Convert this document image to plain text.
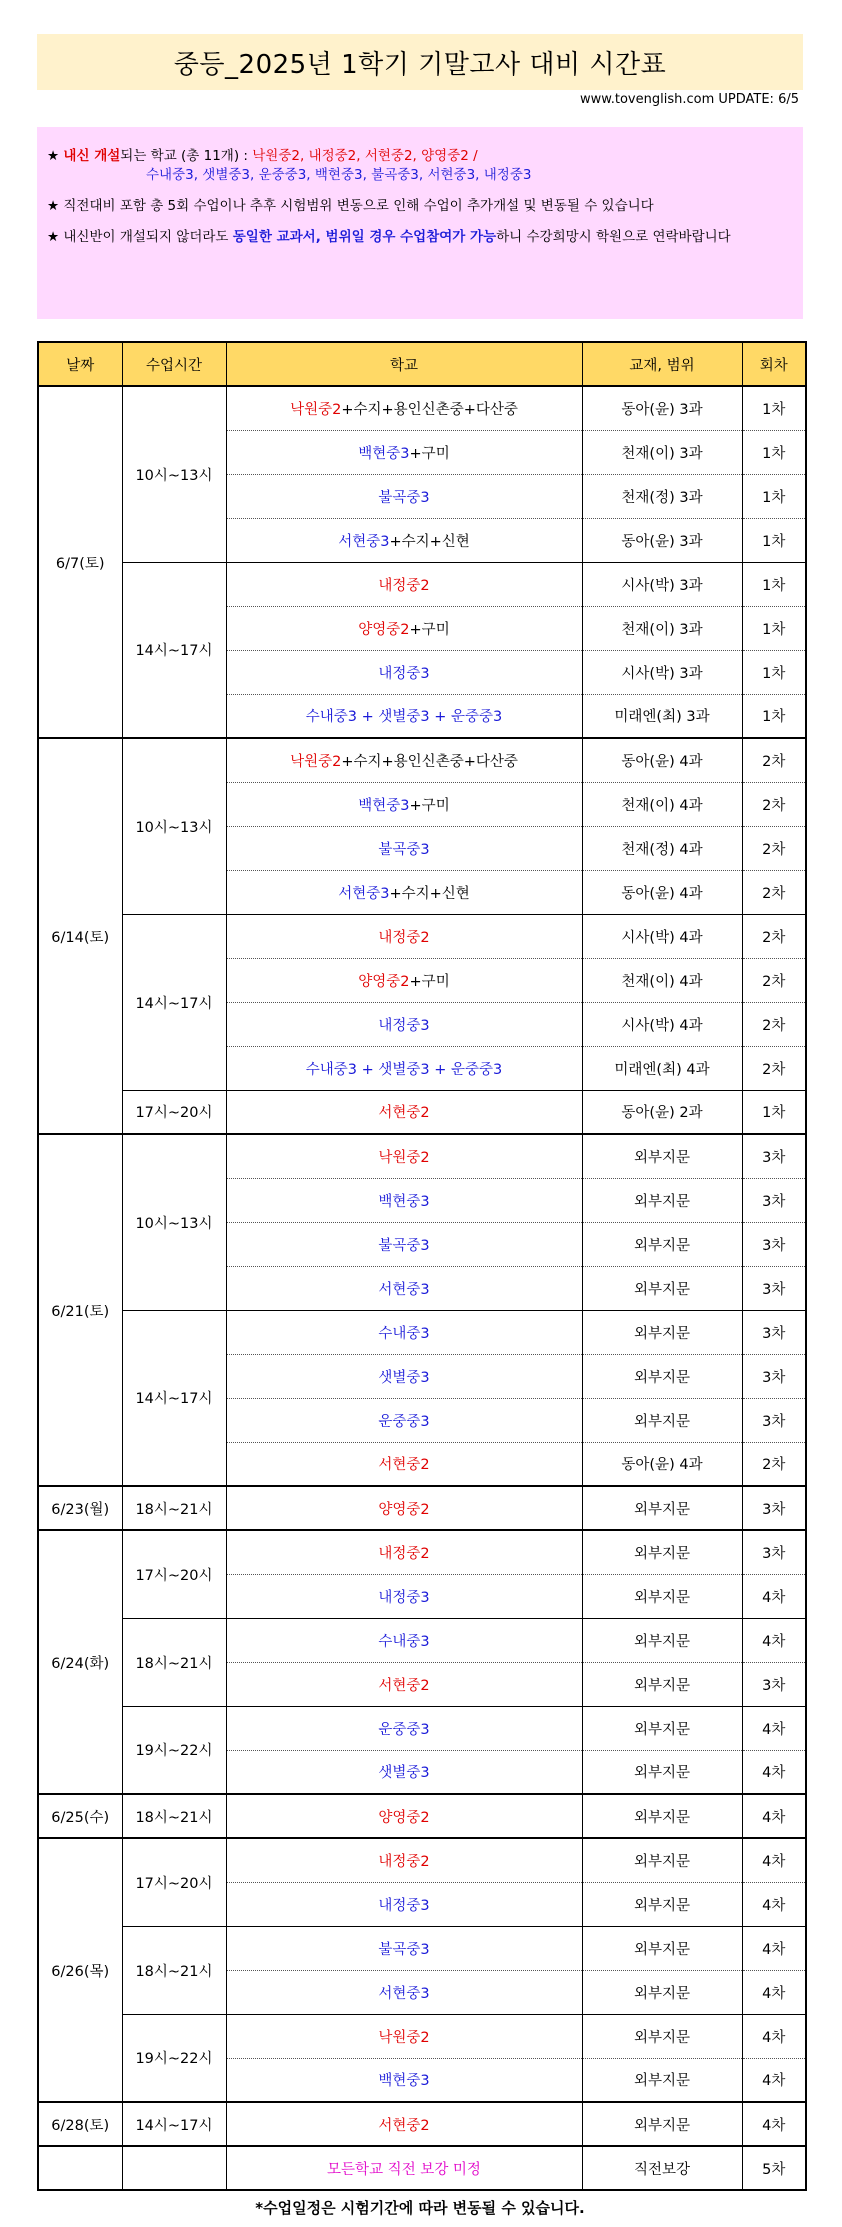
중등_2025년 1학기 기말고사 대비 시간표
www.tovenglish.com UPDATE: 6/5

★ 내신 개설되는 학교 (총 11개) : 낙원중2, 내정중2, 서현중2, 양영중2 /
수내중3, 샛별중3, 운중중3, 백현중3, 불곡중3, 서현중3, 내정중3

★ 직전대비 포함 총 5회 수업이나 추후 시험범위 변동으로 인해 수업이 추가개설 및 변동될 수 있습니다

★ 내신반이 개설되지 않더라도 동일한 교과서, 범위일 경우 수업참여가 가능하니 수강희망시 학원으로 연락바랍니다

날짜	수업시간	학교	교재, 범위	회차
6/7(토)	10시~13시	낙원중2+수지+용인신촌중+다산중	동아(윤) 3과	1차
		백현중3+구미	천재(이) 3과	1차
		불곡중3	천재(정) 3과	1차
		서현중3+수지+신현	동아(윤) 3과	1차
	14시~17시	내정중2	시사(박) 3과	1차
		양영중2+구미	천재(이) 3과	1차
		내정중3	시사(박) 3과	1차
		수내중3 + 샛별중3 + 운중중3	미래엔(최) 3과	1차
6/14(토)	10시~13시	낙원중2+수지+용인신촌중+다산중	동아(윤) 4과	2차
		백현중3+구미	천재(이) 4과	2차
		불곡중3	천재(정) 4과	2차
		서현중3+수지+신현	동아(윤) 4과	2차
	14시~17시	내정중2	시사(박) 4과	2차
		양영중2+구미	천재(이) 4과	2차
		내정중3	시사(박) 4과	2차
		수내중3 + 샛별중3 + 운중중3	미래엔(최) 4과	2차
	17시~20시	서현중2	동아(윤) 2과	1차
6/21(토)	10시~13시	낙원중2	외부지문	3차
		백현중3	외부지문	3차
		불곡중3	외부지문	3차
		서현중3	외부지문	3차
	14시~17시	수내중3	외부지문	3차
		샛별중3	외부지문	3차
		운중중3	외부지문	3차
		서현중2	동아(윤) 4과	2차
6/23(월)	18시~21시	양영중2	외부지문	3차
6/24(화)	17시~20시	내정중2	외부지문	3차
		내정중3	외부지문	4차
	18시~21시	수내중3	외부지문	4차
		서현중2	외부지문	3차
	19시~22시	운중중3	외부지문	4차
		샛별중3	외부지문	4차
6/25(수)	18시~21시	양영중2	외부지문	4차
6/26(목)	17시~20시	내정중2	외부지문	4차
		내정중3	외부지문	4차
	18시~21시	불곡중3	외부지문	4차
		서현중3	외부지문	4차
	19시~22시	낙원중2	외부지문	4차
		백현중3	외부지문	4차
6/28(토)	14시~17시	서현중2	외부지문	4차
		모든학교 직전 보강 미정	직전보강	5차
*수업일정은 시험기간에 따라 변동될 수 있습니다.
